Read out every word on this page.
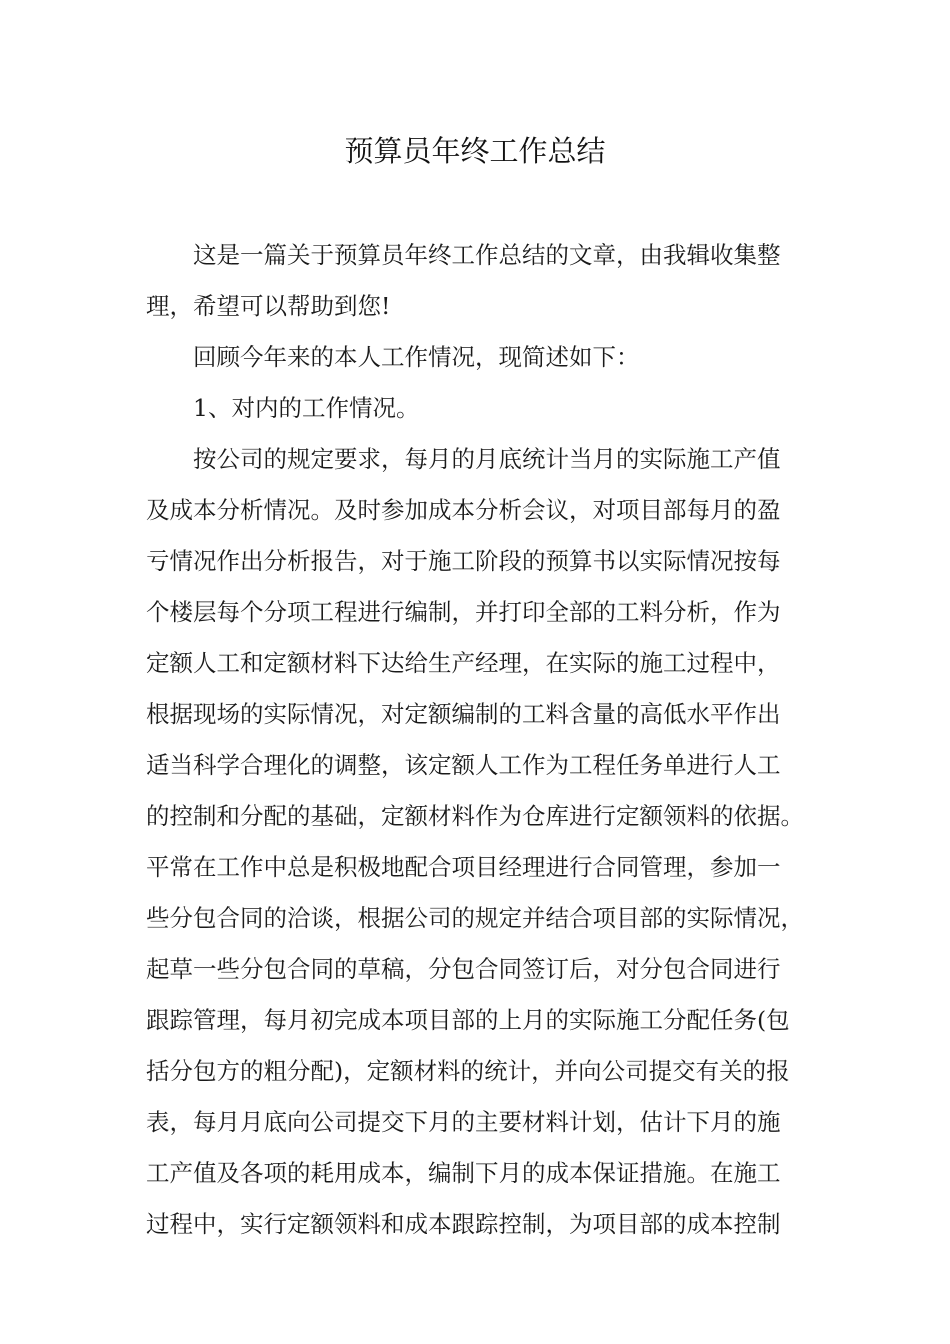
预算员年终工作总结
这是一篇关于预算员年终工作总结的文章，由我辑收集整
理，希望可以帮助到您!
回顾今年来的本人工作情况，现简述如下：
1、对内的工作情况。
按公司的规定要求，每月的月底统计当月的实际施工产值
及成本分析情况。及时参加成本分析会议，对项目部每月的盈
亏情况作出分析报告，对于施工阶段的预算书以实际情况按每
个楼层每个分项工程进行编制，并打印全部的工料分析，作为
定额人工和定额材料下达给生产经理，在实际的施工过程中，
根据现场的实际情况，对定额编制的工料含量的高低水平作出
适当科学合理化的调整，该定额人工作为工程任务单进行人工
的控制和分配的基础，定额材料作为仓库进行定额领料的依据。
平常在工作中总是积极地配合项目经理进行合同管理，参加一
些分包合同的洽谈，根据公司的规定并结合项目部的实际情况，
起草一些分包合同的草稿，分包合同签订后，对分包合同进行
跟踪管理，每月初完成本项目部的上月的实际施工分配任务(包
括分包方的粗分配)，定额材料的统计，并向公司提交有关的报
表，每月月底向公司提交下月的主要材料计划，估计下月的施
工产值及各项的耗用成本，编制下月的成本保证措施。在施工
过程中，实行定额领料和成本跟踪控制，为项目部的成本控制
